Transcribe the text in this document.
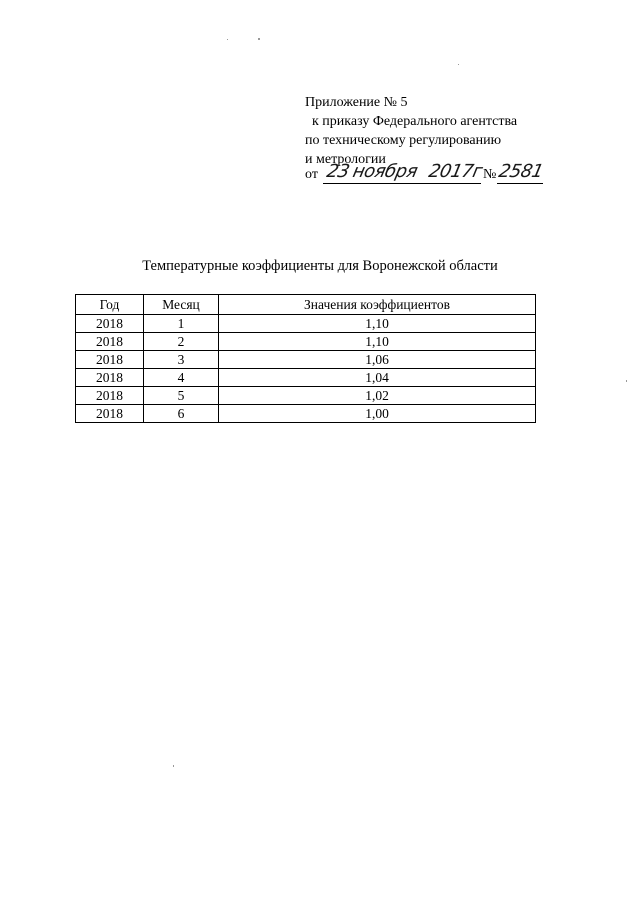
Приложение № 5
к приказу Федерального агентства
по техническому регулированию
и метрологии
от 23 ноября 2017г № 2581
Температурные коэффициенты для Воронежской области
Год	Месяц	Значения коэффициентов
2018	1	1,10
2018	2	1,10
2018	3	1,06
2018	4	1,04
2018	5	1,02
2018	6	1,00
